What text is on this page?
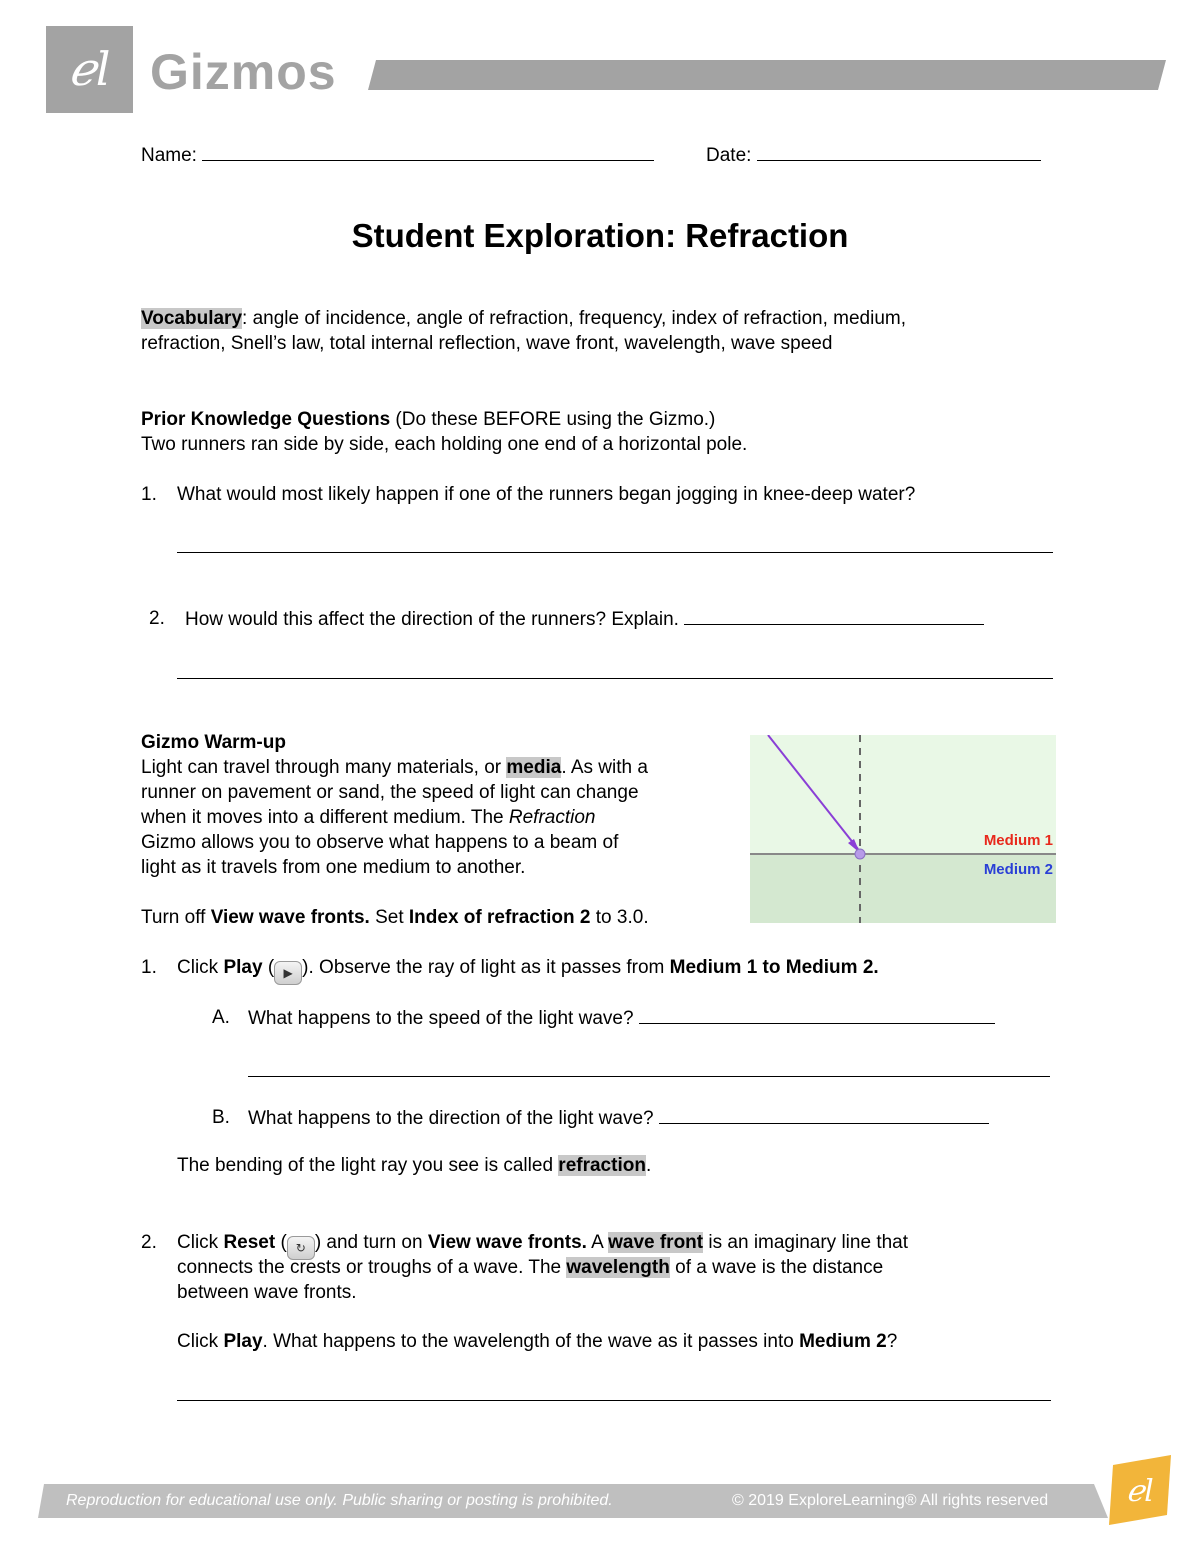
ℯl Gizmos
Name:	Date:
Student Exploration: Refraction
Vocabulary: angle of incidence, angle of refraction, frequency, index of refraction, medium,
refraction, Snell’s law, total internal reflection, wave front, wavelength, wave speed
Prior Knowledge Questions (Do these BEFORE using the Gizmo.)
Two runners ran side by side, each holding one end of a horizontal pole.
1. What would most likely happen if one of the runners began jogging in knee-deep water?
2. How would this affect the direction of the runners? Explain.
Gizmo Warm-up
Light can travel through many materials, or media. As with a
runner on pavement or sand, the speed of light can change
when it moves into a different medium. The Refraction
Gizmo allows you to observe what happens to a beam of
light as it travels from one medium to another.
Turn off View wave fronts. Set Index of refraction 2 to 3.0.
Medium 1
Medium 2
1. Click Play ( ▶ ). Observe the ray of light as it passes from Medium 1 to Medium 2.
A. What happens to the speed of the light wave?
B. What happens to the direction of the light wave?
The bending of the light ray you see is called refraction.
2. Click Reset ( ↻ ) and turn on View wave fronts. A wave front is an imaginary line that
connects the crests or troughs of a wave. The wavelength of a wave is the distance
between wave fronts.
Click Play. What happens to the wavelength of the wave as it passes into Medium 2?
Reproduction for educational use only. Public sharing or posting is prohibited.	© 2019 ExploreLearning® All rights reserved	ℯl
